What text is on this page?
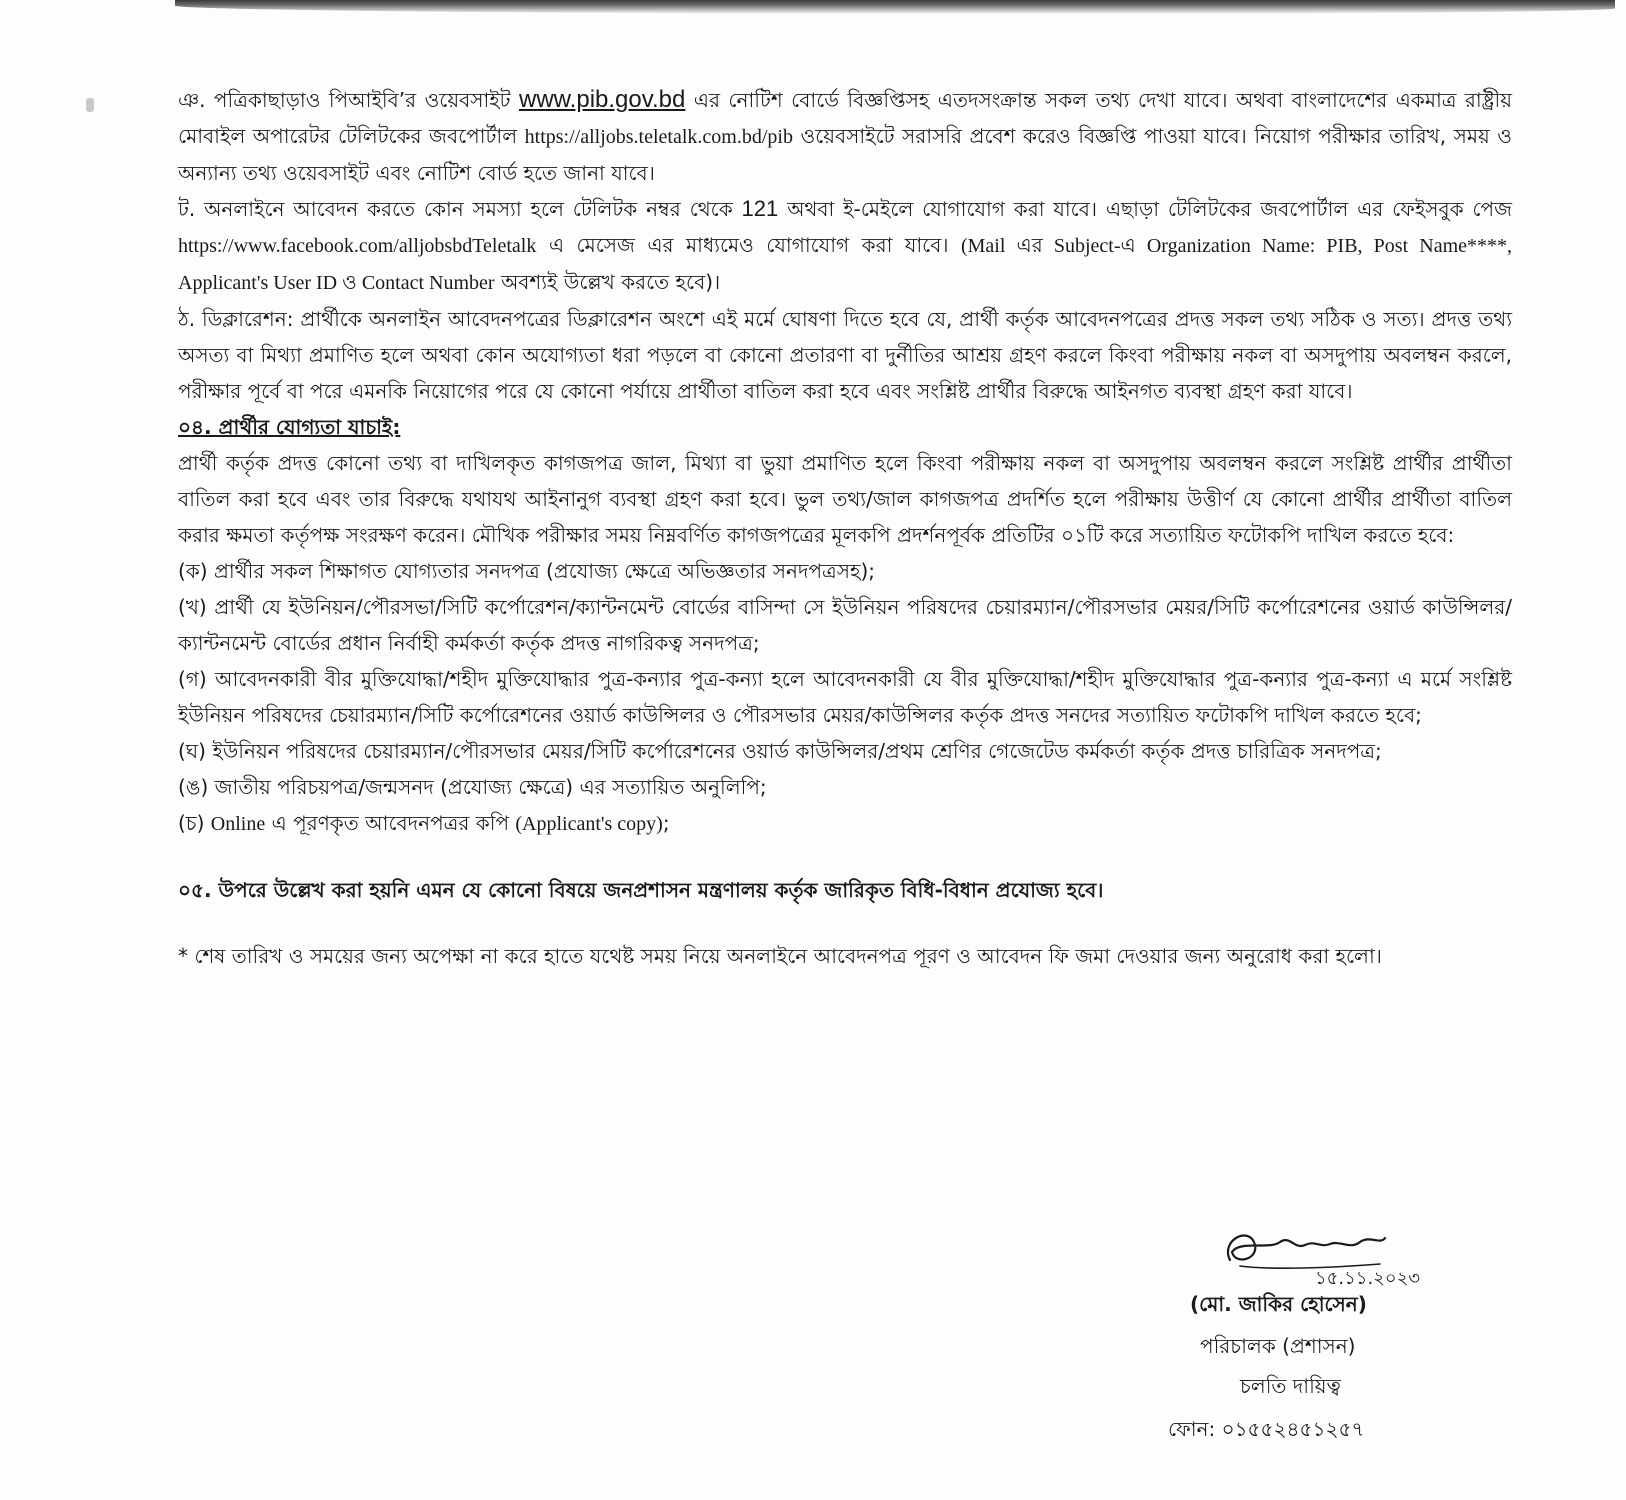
ঞ. পত্রিকাছাড়াও পিআইবি’র ওয়েবসাইট www.pib.gov.bd এর নোটিশ বোর্ডে বিজ্ঞপ্তিসহ এতদসংক্রান্ত সকল তথ্য দেখা যাবে। অথবা বাংলাদেশের একমাত্র রাষ্ট্রীয় মোবাইল অপারেটর টেলিটকের জবপোর্টাল https://alljobs.teletalk.com.bd/pib ওয়েবসাইটে সরাসরি প্রবেশ করেও বিজ্ঞপ্তি পাওয়া যাবে। নিয়োগ পরীক্ষার তারিখ, সময় ও অন্যান্য তথ্য ওয়েবসাইট এবং নোটিশ বোর্ড হতে জানা যাবে।

ট. অনলাইনে আবেদন করতে কোন সমস্যা হলে টেলিটক নম্বর থেকে 121 অথবা ই-মেইলে যোগাযোগ করা যাবে। এছাড়া টেলিটকের জবপোর্টাল এর ফেইসবুক পেজ https://www.facebook.com/alljobsbdTeletalk এ মেসেজ এর মাধ্যমেও যোগাযোগ করা যাবে। (Mail এর Subject-এ Organization Name: PIB, Post Name****, Applicant's User ID ও Contact Number অবশ্যই উল্লেখ করতে হবে)।

ঠ. ডিক্লারেশন: প্রার্থীকে অনলাইন আবেদনপত্রের ডিক্লারেশন অংশে এই মর্মে ঘোষণা দিতে হবে যে, প্রার্থী কর্তৃক আবেদনপত্রের প্রদত্ত সকল তথ্য সঠিক ও সত্য। প্রদত্ত তথ্য অসত্য বা মিথ্যা প্রমাণিত হলে অথবা কোন অযোগ্যতা ধরা পড়লে বা কোনো প্রতারণা বা দুর্নীতির আশ্রয় গ্রহণ করলে কিংবা পরীক্ষায় নকল বা অসদুপায় অবলম্বন করলে, পরীক্ষার পূর্বে বা পরে এমনকি নিয়োগের পরে যে কোনো পর্যায়ে প্রার্থীতা বাতিল করা হবে এবং সংশ্লিষ্ট প্রার্থীর বিরুদ্ধে আইনগত ব্যবস্থা গ্রহণ করা যাবে।

০৪. প্রার্থীর যোগ্যতা যাচাই:

প্রার্থী কর্তৃক প্রদত্ত কোনো তথ্য বা দাখিলকৃত কাগজপত্র জাল, মিথ্যা বা ভুয়া প্রমাণিত হলে কিংবা পরীক্ষায় নকল বা অসদুপায় অবলম্বন করলে সংশ্লিষ্ট প্রার্থীর প্রার্থীতা বাতিল করা হবে এবং তার বিরুদ্ধে যথাযথ আইনানুগ ব্যবস্থা গ্রহণ করা হবে। ভুল তথ্য/জাল কাগজপত্র প্রদর্শিত হলে পরীক্ষায় উত্তীর্ণ যে কোনো প্রার্থীর প্রার্থীতা বাতিল করার ক্ষমতা কর্তৃপক্ষ সংরক্ষণ করেন। মৌখিক পরীক্ষার সময় নিম্নবর্ণিত কাগজপত্রের মূলকপি প্রদর্শনপূর্বক প্রতিটির ০১টি করে সত্যায়িত ফটোকপি দাখিল করতে হবে:

(ক) প্রার্থীর সকল শিক্ষাগত যোগ্যতার সনদপত্র (প্রযোজ্য ক্ষেত্রে অভিজ্ঞতার সনদপত্রসহ);

(খ) প্রার্থী যে ইউনিয়ন/পৌরসভা/সিটি কর্পোরেশন/ক্যান্টনমেন্ট বোর্ডের বাসিন্দা সে ইউনিয়ন পরিষদের চেয়ারম্যান/পৌরসভার মেয়র/সিটি কর্পোরেশনের ওয়ার্ড কাউন্সিলর/ক্যান্টনমেন্ট বোর্ডের প্রধান নির্বাহী কর্মকর্তা কর্তৃক প্রদত্ত নাগরিকত্ব সনদপত্র;

(গ) আবেদনকারী বীর মুক্তিযোদ্ধা/শহীদ মুক্তিযোদ্ধার পুত্র-কন্যার পুত্র-কন্যা হলে আবেদনকারী যে বীর মুক্তিযোদ্ধা/শহীদ মুক্তিযোদ্ধার পুত্র-কন্যার পুত্র-কন্যা এ মর্মে সংশ্লিষ্ট ইউনিয়ন পরিষদের চেয়ারম্যান/সিটি কর্পোরেশনের ওয়ার্ড কাউন্সিলর ও পৌরসভার মেয়র/কাউন্সিলর কর্তৃক প্রদত্ত সনদের সত্যায়িত ফটোকপি দাখিল করতে হবে;

(ঘ) ইউনিয়ন পরিষদের চেয়ারম্যান/পৌরসভার মেয়র/সিটি কর্পোরেশনের ওয়ার্ড কাউন্সিলর/প্রথম শ্রেণির গেজেটেড কর্মকর্তা কর্তৃক প্রদত্ত চারিত্রিক সনদপত্র;

(ঙ) জাতীয় পরিচয়পত্র/জন্মসনদ (প্রযোজ্য ক্ষেত্রে) এর সত্যায়িত অনুলিপি;

(চ) Online এ পূরণকৃত আবেদনপত্রর কপি (Applicant's copy);

০৫. উপরে উল্লেখ করা হয়নি এমন যে কোনো বিষয়ে জনপ্রশাসন মন্ত্রণালয় কর্তৃক জারিকৃত বিধি-বিধান প্রযোজ্য হবে।

* শেষ তারিখ ও সময়ের জন্য অপেক্ষা না করে হাতে যথেষ্ট সময় নিয়ে অনলাইনে আবেদনপত্র পূরণ ও আবেদন ফি জমা দেওয়ার জন্য অনুরোধ করা হলো।

১৫.১১.২০২৩
(মো. জাকির হোসেন)
পরিচালক (প্রশাসন)
চলতি দায়িত্ব
ফোন: ০১৫৫২৪৫১২৫৭
